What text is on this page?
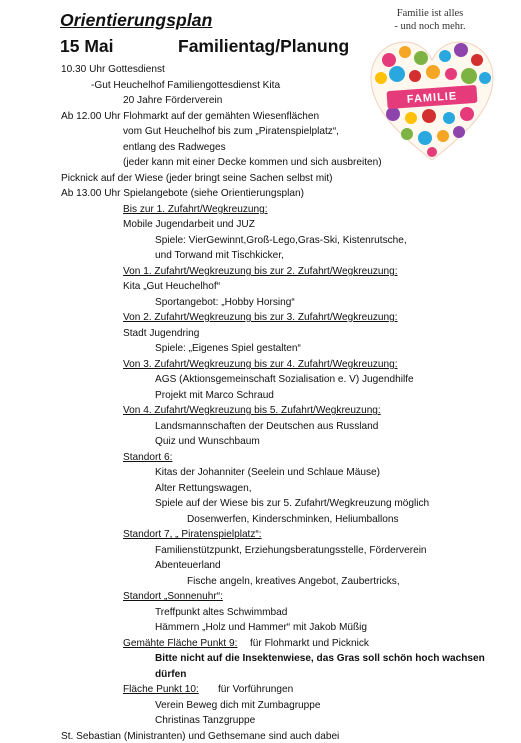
Orientierungsplan
15 Mai	Familientag/Planung
Familie ist alles
- und noch mehr.
FAMILIE
10.30 Uhr Gottesdienst
-Gut Heuchelhof Familiengottesdienst Kita
20 Jahre Förderverein
Ab 12.00 Uhr Flohmarkt auf der gemähten Wiesenflächen
vom Gut Heuchelhof bis zum „Piratenspielplatz“,
entlang des Radweges
(jeder kann mit einer Decke kommen und sich ausbreiten)
Picknick auf der Wiese (jeder bringt seine Sachen selbst mit)
Ab 13.00 Uhr Spielangebote (siehe Orientierungsplan)
Bis zur 1. Zufahrt/Wegkreuzung:
Mobile Jugendarbeit und JUZ
Spiele: VierGewinnt,Groß-Lego,Gras-Ski, Kistenrutsche,
und Torwand mit Tischkicker,
Von 1. Zufahrt/Wegkreuzung bis zur 2. Zufahrt/Wegkreuzung:
Kita „Gut Heuchelhof“
Sportangebot: „Hobby Horsing“
Von 2. Zufahrt/Wegkreuzung bis zur 3. Zufahrt/Wegkreuzung:
Stadt Jugendring
Spiele: „Eigenes Spiel gestalten“
Von 3. Zufahrt/Wegkreuzung bis zur 4. Zufahrt/Wegkreuzung:
AGS (Aktionsgemeinschaft Sozialisation e. V) Jugendhilfe
Projekt mit Marco Schraud
Von 4. Zufahrt/Wegkreuzung bis 5. Zufahrt/Wegkreuzung:
Landsmannschaften der Deutschen aus Russland
Quiz und Wunschbaum
Standort 6:
Kitas der Johanniter (Seelein und Schlaue Mäuse)
Alter Rettungswagen,
Spiele auf der Wiese bis zur 5. Zufahrt/Wegkreuzung möglich
Dosenwerfen, Kinderschminken, Heliumballons
Standort 7, „ Piratenspielplatz“:
Familienstützpunkt, Erziehungsberatungsstelle, Förderverein
Abenteuerland
Fische angeln, kreatives Angebot, Zaubertricks,
Standort „Sonnenuhr“:
Treffpunkt altes Schwimmbad
Hämmern „Holz und Hammer“ mit Jakob Müßig
Gemähte Fläche Punkt 9: für Flohmarkt und Picknick
Bitte nicht auf die Insektenwiese, das Gras soll schön hoch wachsen
dürfen
Fläche Punkt 10: für Vorführungen
Verein Beweg dich mit Zumbagruppe
Christinas Tanzgruppe
St. Sebastian (Ministranten) und Gethsemane sind auch dabei
